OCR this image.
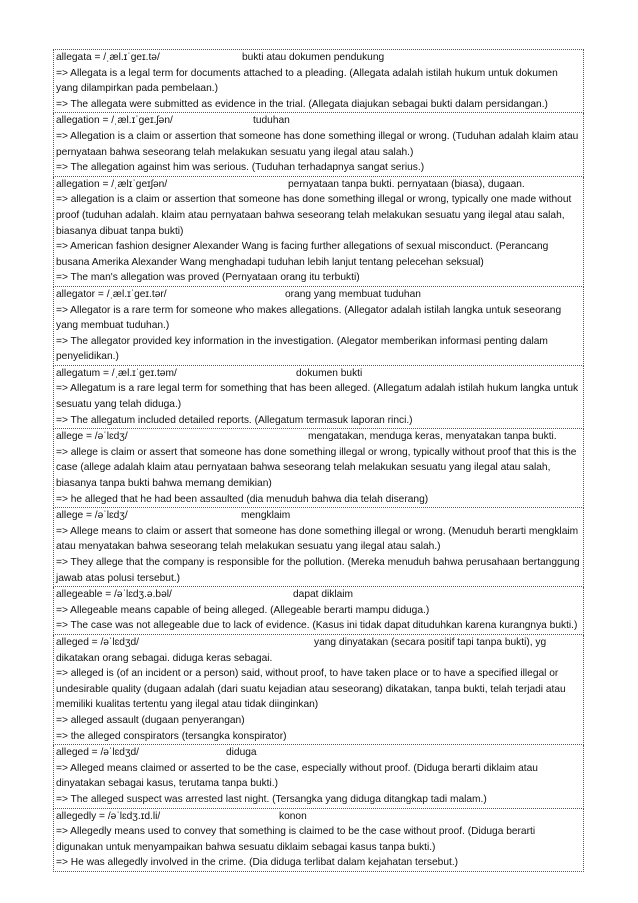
allegata = /ˌæl.ɪˈɡeɪ.tə/	bukti atau dokumen pendukung

=> Allegata is a legal term for documents attached to a pleading. (Allegata adalah istilah hukum untuk dokumen yang dilampirkan pada pembelaan.)

=> The allegata were submitted as evidence in the trial. (Allegata diajukan sebagai bukti dalam persidangan.)

allegation = /ˌæl.ɪˈɡeɪ.ʃən/	tuduhan

=> Allegation is a claim or assertion that someone has done something illegal or wrong. (Tuduhan adalah klaim atau pernyataan bahwa seseorang telah melakukan sesuatu yang ilegal atau salah.)

=> The allegation against him was serious. (Tuduhan terhadapnya sangat serius.)

allegation = /ˌælɪˈɡeɪʃən/	pernyataan tanpa bukti. pernyataan (biasa), dugaan.

=> allegation is a claim or assertion that someone has done something illegal or wrong, typically one made without proof (tuduhan adalah. klaim atau pernyataan bahwa seseorang telah melakukan sesuatu yang ilegal atau salah, biasanya dibuat tanpa bukti)

=> American fashion designer Alexander Wang is facing further allegations of sexual misconduct. (Perancang busana Amerika Alexander Wang menghadapi tuduhan lebih lanjut tentang pelecehan seksual)

=> The man's allegation was proved (Pernyataan orang itu terbukti)

allegator = /ˌæl.ɪˈɡeɪ.tər/	orang yang membuat tuduhan

=> Allegator is a rare term for someone who makes allegations. (Allegator adalah istilah langka untuk seseorang yang membuat tuduhan.)

=> The allegator provided key information in the investigation. (Alegator memberikan informasi penting dalam penyelidikan.)

allegatum = /ˌæl.ɪˈɡeɪ.təm/	dokumen bukti

=> Allegatum is a rare legal term for something that has been alleged. (Allegatum adalah istilah hukum langka untuk sesuatu yang telah diduga.)

=> The allegatum included detailed reports. (Allegatum termasuk laporan rinci.)

allege = /əˈlɛdʒ/	mengatakan, menduga keras, menyatakan tanpa bukti.

=> allege is claim or assert that someone has done something illegal or wrong, typically without proof that this is the case (allege adalah klaim atau pernyataan bahwa seseorang telah melakukan sesuatu yang ilegal atau salah, biasanya tanpa bukti bahwa memang demikian)

=> he alleged that he had been assaulted (dia menuduh bahwa dia telah diserang)

allege = /əˈlɛdʒ/	mengklaim

=> Allege means to claim or assert that someone has done something illegal or wrong. (Menuduh berarti mengklaim atau menyatakan bahwa seseorang telah melakukan sesuatu yang ilegal atau salah.)

=> They allege that the company is responsible for the pollution. (Mereka menuduh bahwa perusahaan bertanggung jawab atas polusi tersebut.)

allegeable = /əˈlɛdʒ.ə.bəl/	dapat diklaim

=> Allegeable means capable of being alleged. (Allegeable berarti mampu diduga.)

=> The case was not allegeable due to lack of evidence. (Kasus ini tidak dapat dituduhkan karena kurangnya bukti.)

alleged = /əˈlɛdʒd/	yang dinyatakan (secara positif tapi tanpa bukti), yg dikatakan orang sebagai. diduga keras sebagai.

=> alleged is (of an incident or a person) said, without proof, to have taken place or to have a specified illegal or undesirable quality (dugaan adalah (dari suatu kejadian atau seseorang) dikatakan, tanpa bukti, telah terjadi atau memiliki kualitas tertentu yang ilegal atau tidak diinginkan)

=> alleged assault (dugaan penyerangan)

=> the alleged conspirators (tersangka konspirator)

alleged = /əˈlɛdʒd/	diduga

=> Alleged means claimed or asserted to be the case, especially without proof. (Diduga berarti diklaim atau dinyatakan sebagai kasus, terutama tanpa bukti.)

=> The alleged suspect was arrested last night. (Tersangka yang diduga ditangkap tadi malam.)

allegedly = /əˈlɛdʒ.ɪd.li/	konon

=> Allegedly means used to convey that something is claimed to be the case without proof. (Diduga berarti digunakan untuk menyampaikan bahwa sesuatu diklaim sebagai kasus tanpa bukti.)

=> He was allegedly involved in the crime. (Dia diduga terlibat dalam kejahatan tersebut.)
